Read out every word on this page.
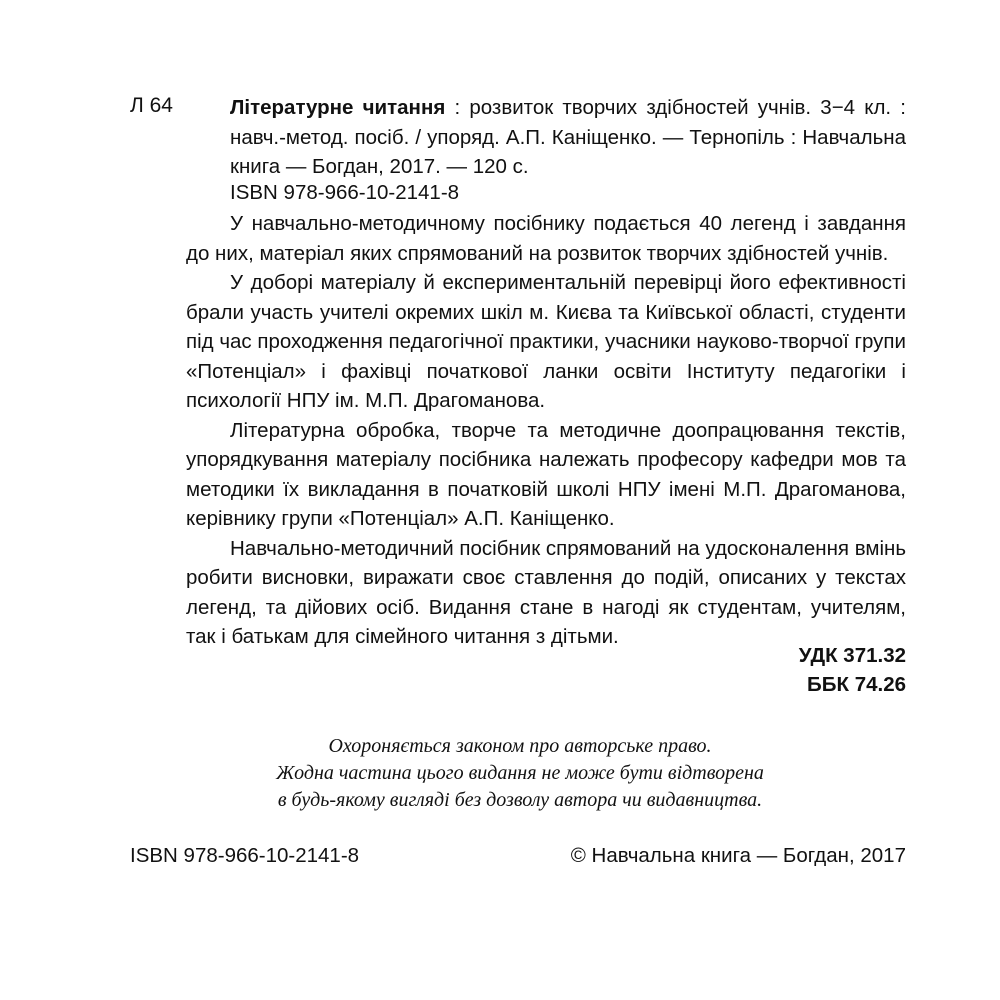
Л 64	Літературне читання : розвиток творчих здібностей учнів. 3−4 кл. : навч.-метод. посіб. / упоряд. А.П. Каніщенко. — Тернопіль : Навчальна книга — Богдан, 2017. — 120 с.

ISBN 978-966-10-2141-8

У навчально-методичному посібнику подається 40 легенд і завдання до них, матеріал яких спрямований на розвиток творчих здібностей учнів.

У доборі матеріалу й експериментальній перевірці його ефективності брали участь учителі окремих шкіл м. Києва та Київської області, студенти під час проходження педагогічної практики, учасники науково-творчої групи «Потенціал» і фахівці початкової ланки освіти Інституту педагогіки і психології НПУ ім. М.П. Драгоманова.

Літературна обробка, творче та методичне доопрацювання текстів, упорядкування матеріалу посібника належать професору кафедри мов та методики їх викладання в початковій школі НПУ імені М.П. Драгоманова, керівнику групи «Потенціал» А.П. Каніщенко.

Навчально-методичний посібник спрямований на удосконалення вмінь робити висновки, виражати своє ставлення до подій, описаних у текстах легенд, та дійових осіб. Видання стане в нагоді як студентам, учителям, так і батькам для сімейного читання з дітьми.

УДК 371.32
ББК 74.26
Охороняється законом про авторське право.
Жодна частина цього видання не може бути відтворена
в будь-якому вигляді без дозволу автора чи видавництва.
ISBN 978-966-10-2141-8	© Навчальна книга — Богдан, 2017
